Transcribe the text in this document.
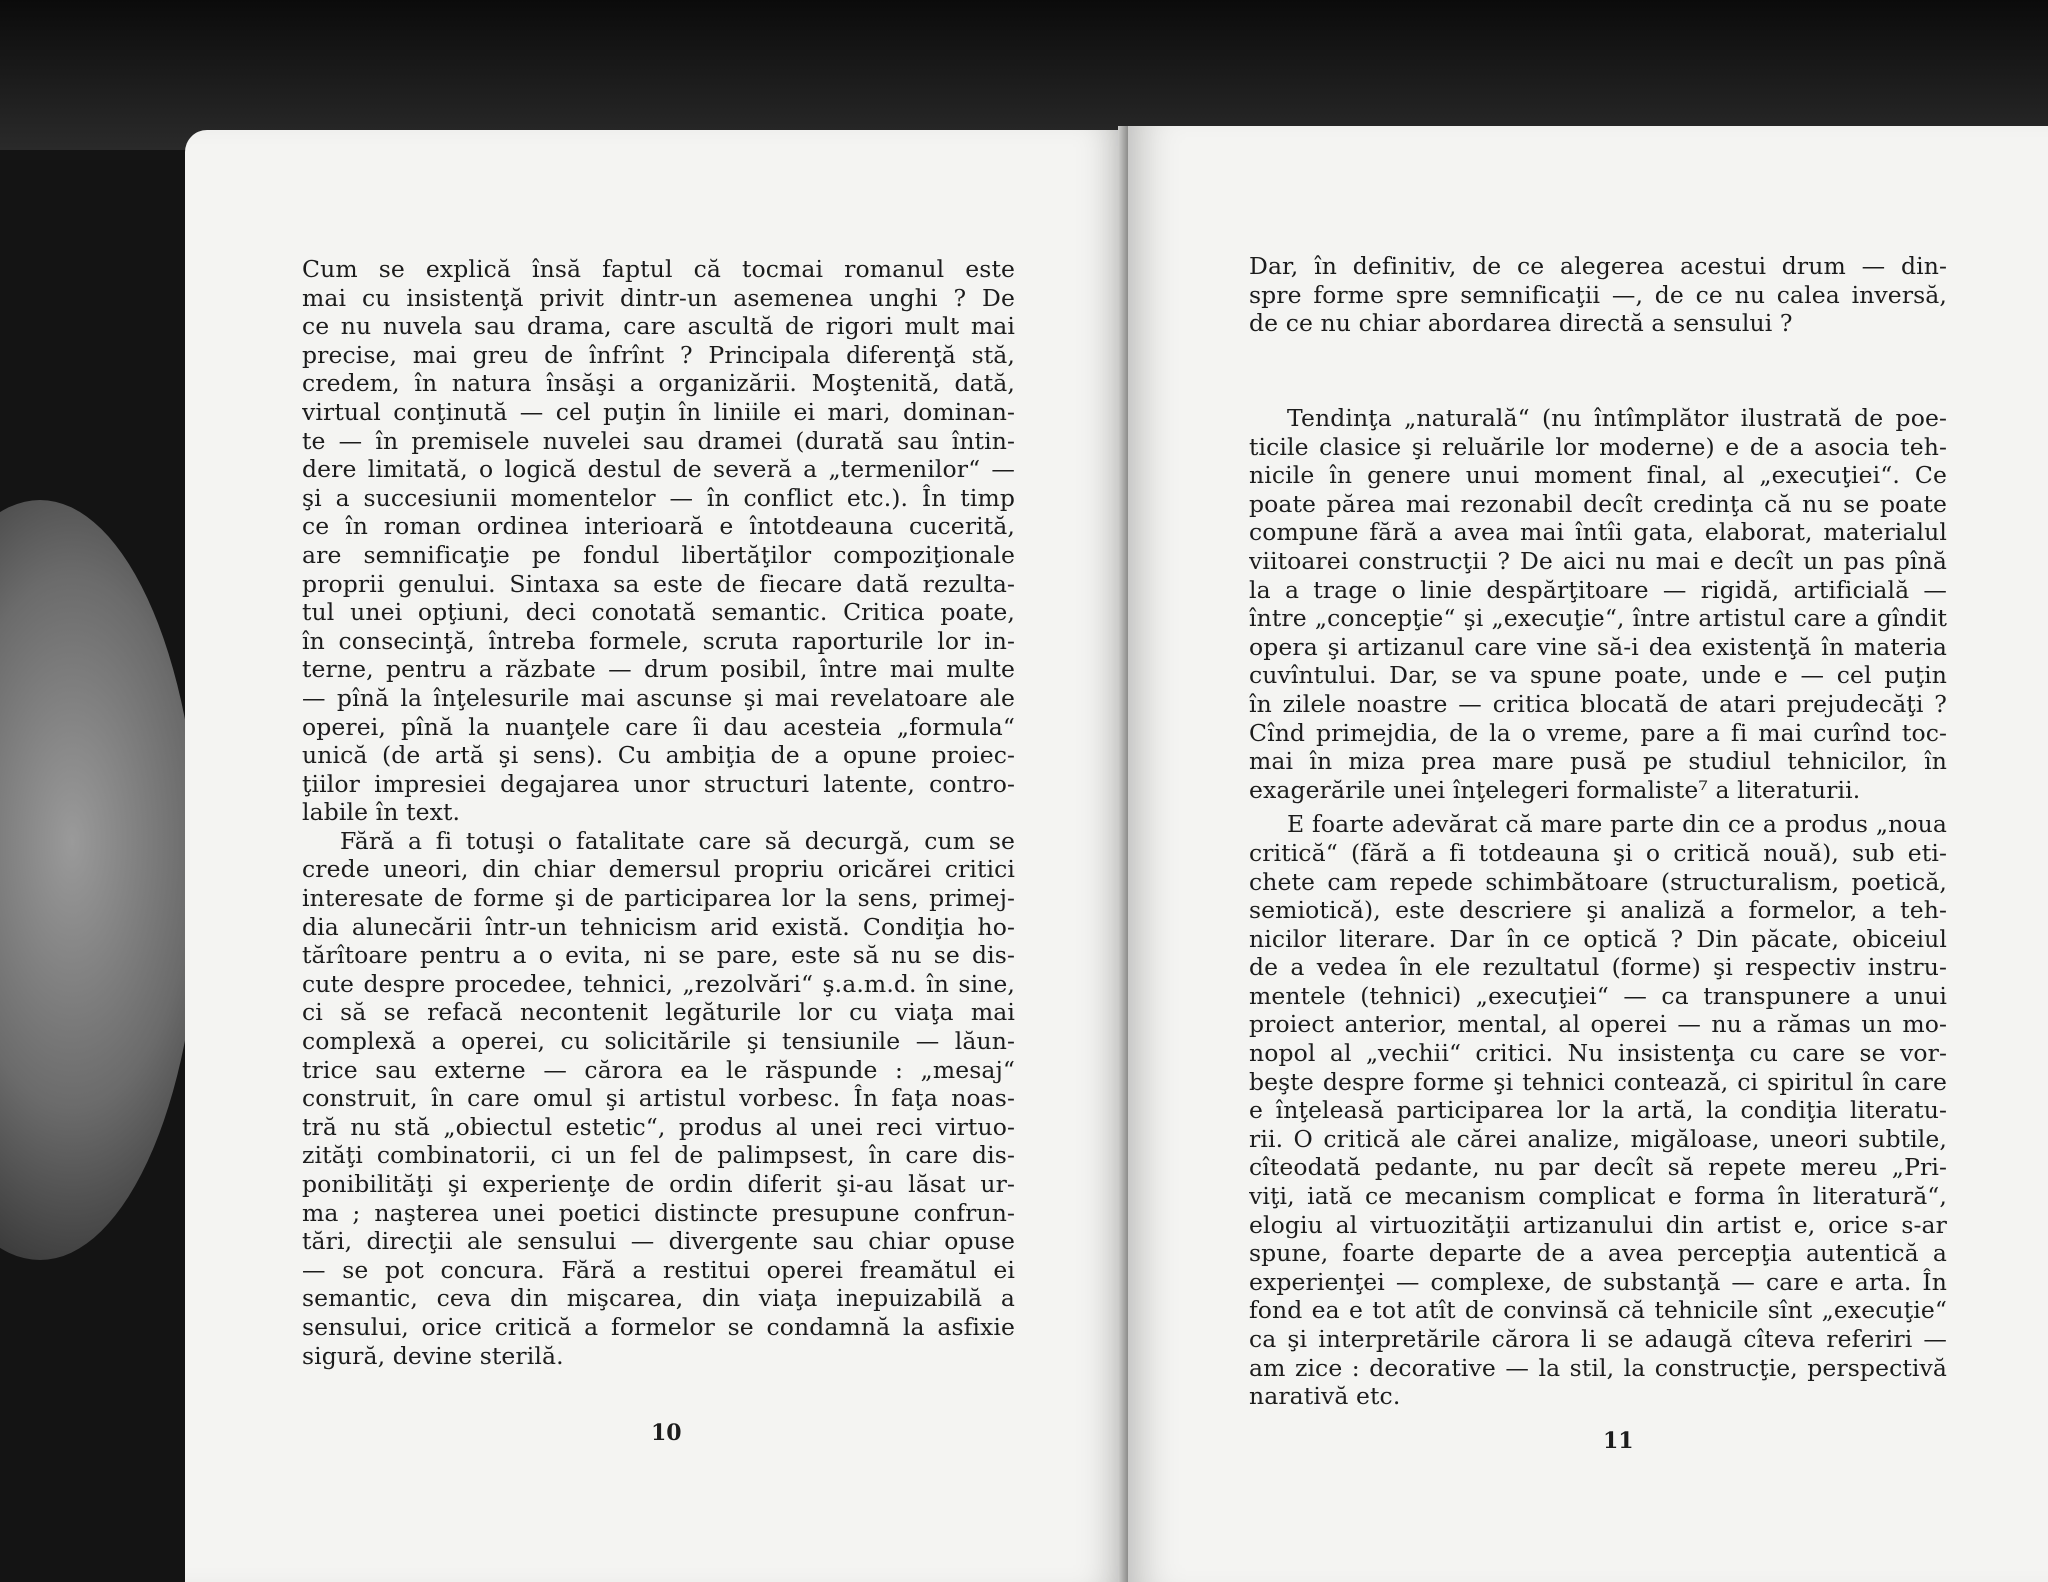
Cum se explică însă faptul că tocmai romanul este
mai cu insistenţă privit dintr-un asemenea unghi ? De
ce nu nuvela sau drama, care ascultă de rigori mult mai
precise, mai greu de înfrînt ? Principala diferenţă stă,
credem, în natura însăşi a organizării. Moştenită, dată,
virtual conţinută — cel puţin în liniile ei mari, dominan-
te — în premisele nuvelei sau dramei (durată sau întin-
dere limitată, o logică destul de severă a „termenilor“ —
şi a succesiunii momentelor — în conflict etc.). În timp
ce în roman ordinea interioară e întotdeauna cucerită,
are semnificaţie pe fondul libertăţilor compoziţionale
proprii genului. Sintaxa sa este de fiecare dată rezulta-
tul unei opţiuni, deci conotată semantic. Critica poate,
în consecinţă, întreba formele, scruta raporturile lor in-
terne, pentru a răzbate — drum posibil, între mai multe
— pînă la înţelesurile mai ascunse şi mai revelatoare ale
operei, pînă la nuanţele care îi dau acesteia „formula“
unică (de artă şi sens). Cu ambiţia de a opune proiec-
ţiilor impresiei degajarea unor structuri latente, contro-
labile în text.

Fără a fi totuşi o fatalitate care să decurgă, cum se
crede uneori, din chiar demersul propriu oricărei critici
interesate de forme şi de participarea lor la sens, primej-
dia alunecării într-un tehnicism arid există. Condiţia ho-
tărîtoare pentru a o evita, ni se pare, este să nu se dis-
cute despre procedee, tehnici, „rezolvări“ ş.a.m.d. în sine,
ci să se refacă necontenit legăturile lor cu viaţa mai
complexă a operei, cu solicitările şi tensiunile — lăun-
trice sau externe — cărora ea le răspunde : „mesaj“
construit, în care omul şi artistul vorbesc. În faţa noas-
tră nu stă „obiectul estetic“, produs al unei reci virtuo-
zităţi combinatorii, ci un fel de palimpsest, în care dis-
ponibilităţi şi experienţe de ordin diferit şi-au lăsat ur-
ma ; naşterea unei poetici distincte presupune confrun-
tări, direcţii ale sensului — divergente sau chiar opuse
— se pot concura. Fără a restitui operei freamătul ei
semantic, ceva din mişcarea, din viaţa inepuizabilă a
sensului, orice critică a formelor se condamnă la asfixie
sigură, devine sterilă.

10

Dar, în definitiv, de ce alegerea acestui drum — din-
spre forme spre semnificaţii —, de ce nu calea inversă,
de ce nu chiar abordarea directă a sensului ?

Tendinţa „naturală“ (nu întîmplător ilustrată de poe-
ticile clasice şi reluările lor moderne) e de a asocia teh-
nicile în genere unui moment final, al „execuţiei“. Ce
poate părea mai rezonabil decît credinţa că nu se poate
compune fără a avea mai întîi gata, elaborat, materialul
viitoarei construcţii ? De aici nu mai e decît un pas pînă
la a trage o linie despărţitoare — rigidă, artificială —
între „concepţie“ şi „execuţie“, între artistul care a gîndit
opera şi artizanul care vine să-i dea existenţă în materia
cuvîntului. Dar, se va spune poate, unde e — cel puţin
în zilele noastre — critica blocată de atari prejudecăţi ?
Cînd primejdia, de la o vreme, pare a fi mai curînd toc-
mai în miza prea mare pusă pe studiul tehnicilor, în
exagerările unei înţelegeri formaliste⁷ a literaturii.

E foarte adevărat că mare parte din ce a produs „noua
critică“ (fără a fi totdeauna şi o critică nouă), sub eti-
chete cam repede schimbătoare (structuralism, poetică,
semiotică), este descriere şi analiză a formelor, a teh-
nicilor literare. Dar în ce optică ? Din păcate, obiceiul
de a vedea în ele rezultatul (forme) şi respectiv instru-
mentele (tehnici) „execuţiei“ — ca transpunere a unui
proiect anterior, mental, al operei — nu a rămas un mo-
nopol al „vechii“ critici. Nu insistenţa cu care se vor-
beşte despre forme şi tehnici contează, ci spiritul în care
e înţeleasă participarea lor la artă, la condiţia literatu-
rii. O critică ale cărei analize, migăloase, uneori subtile,
cîteodată pedante, nu par decît să repete mereu „Pri-
viţi, iată ce mecanism complicat e forma în literatură“,
elogiu al virtuozităţii artizanului din artist e, orice s-ar
spune, foarte departe de a avea percepţia autentică a
experienţei — complexe, de substanţă — care e arta. În
fond ea e tot atît de convinsă că tehnicile sînt „execuţie“
ca şi interpretările cărora li se adaugă cîteva referiri —
am zice : decorative — la stil, la construcţie, perspectivă
narativă etc.

11
